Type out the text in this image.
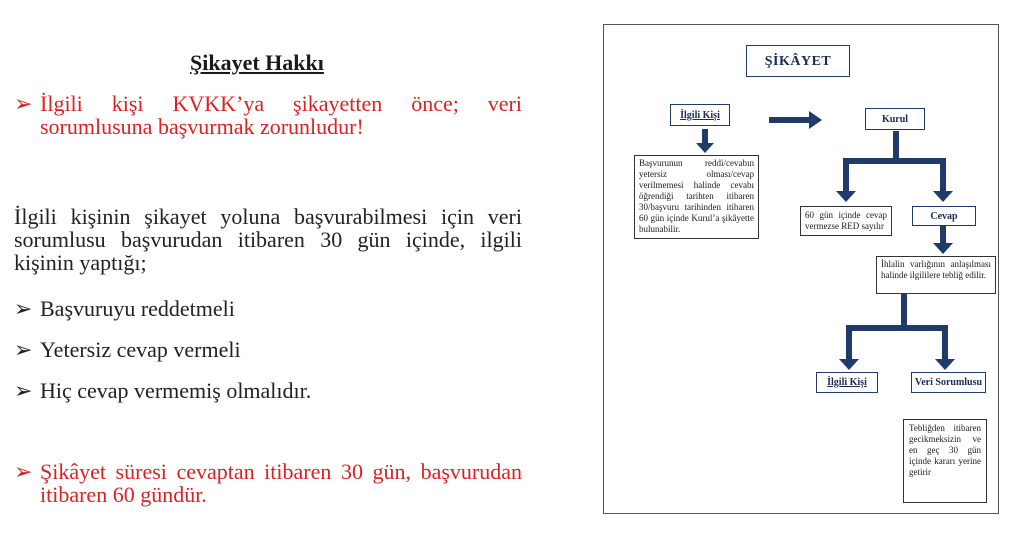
Şikayet Hakkı
➢ İlgili kişi KVKK’ya şikayetten önce; veri sorumlusuna başvurmak zorunludur!
İlgili kişinin şikayet yoluna başvurabilmesi için veri sorumlusu başvurudan itibaren 30 gün içinde, ilgili kişinin yaptığı;
➢ Başvuruyu reddetmeli
➢ Yetersiz cevap vermeli
➢ Hiç cevap vermemiş olmalıdır.
➢ Şikâyet süresi cevaptan itibaren 30 gün, başvurudan itibaren 60 gündür.
ŞİKÂYET
İlgili Kişi	Kurul
Başvurunun reddi/cevabın yetersiz olması/cevap verilmemesi halinde cevabı öğrendiği tarihten itibaren 30/başvuru tarihinden itibaren 60 gün içinde Kurul’a şikâyette bulunabilir.
60 gün içinde cevap vermezse RED sayılır
Cevap
İhlalin varlığının anlaşılması halinde ilgililere tebliğ edilir.
İlgili Kişi	Veri Sorumlusu
Tebliğden itibaren gecikmeksizin ve en geç 30 gün içinde kararı yerine getirir
